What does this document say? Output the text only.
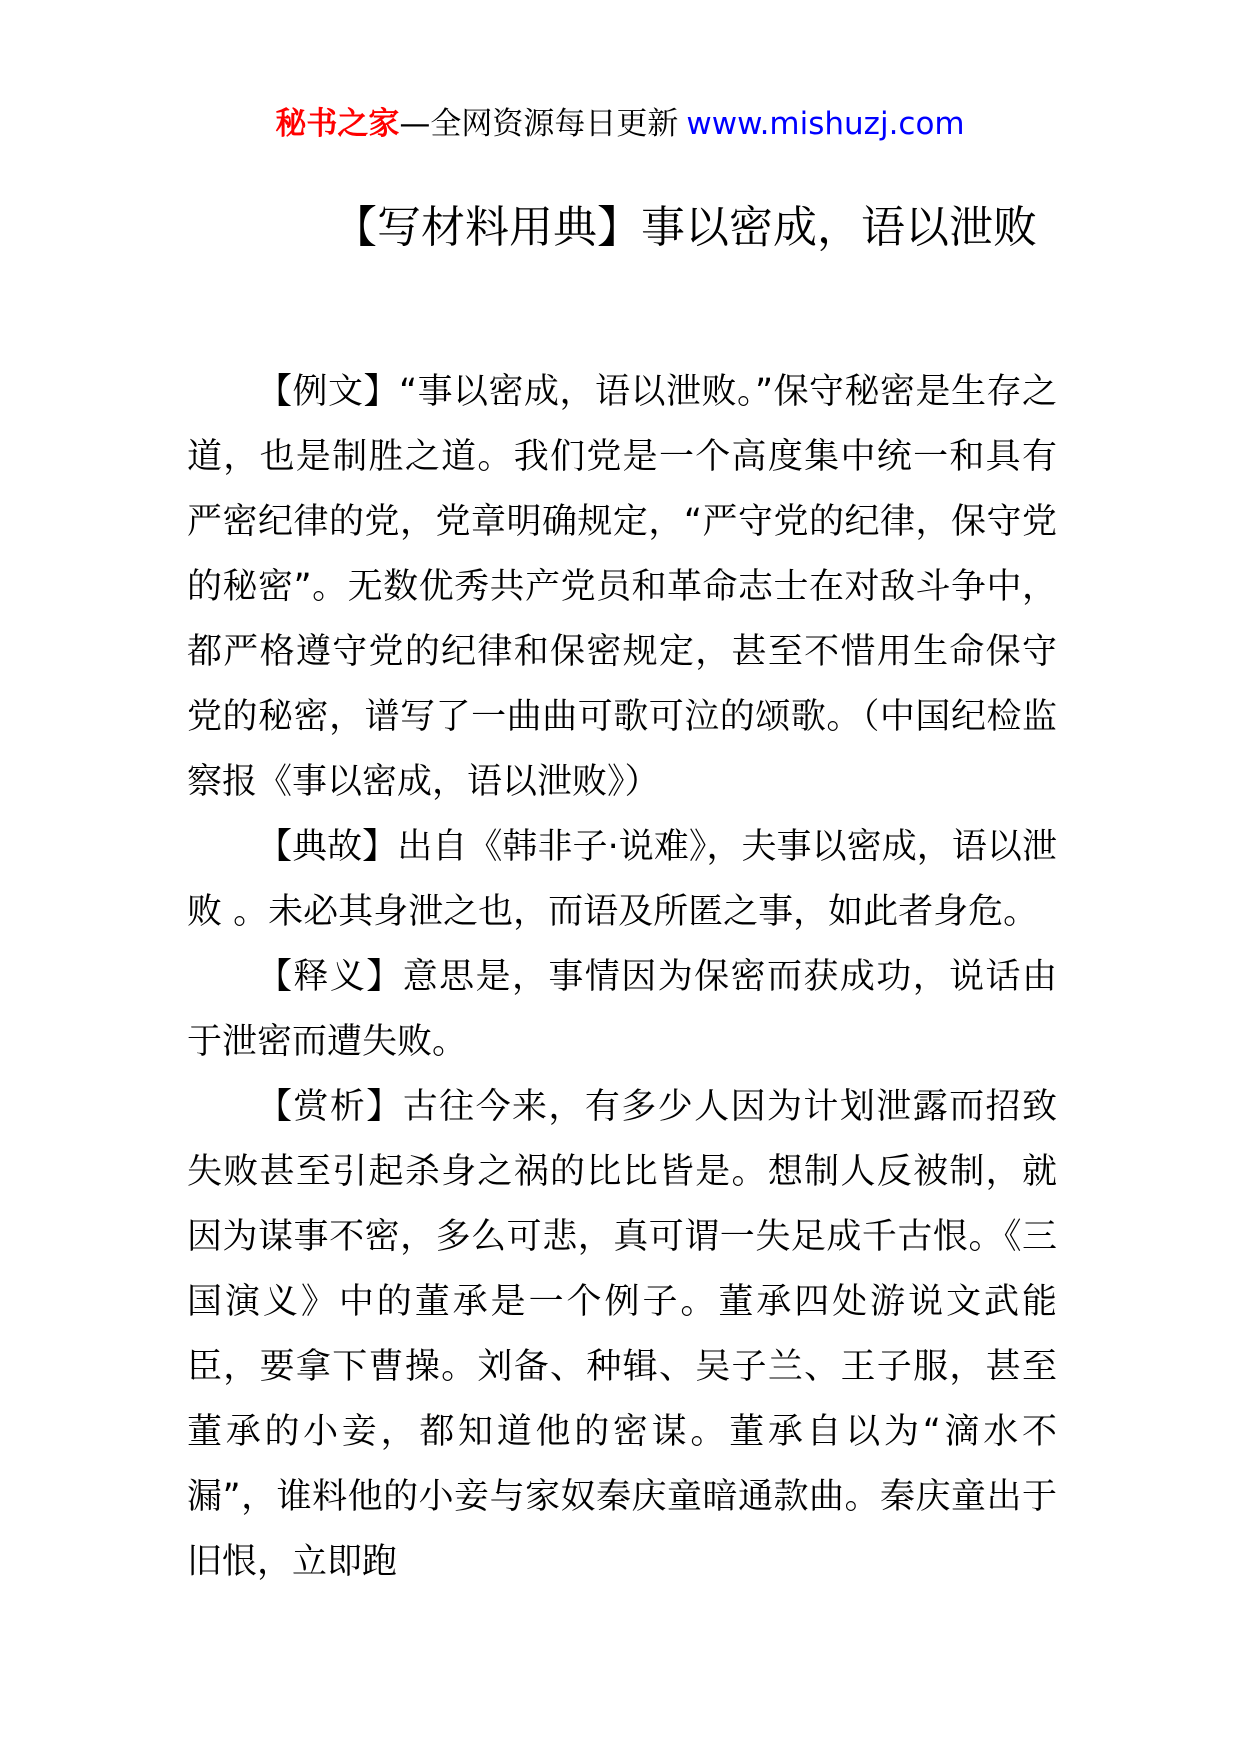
秘书之家—全网资源每日更新 www.mishuzj.com
【写材料用典】事以密成，语以泄败

【例文】“事以密成，语以泄败。”保守秘密是生存之道，也是制胜之道。我们党是一个高度集中统一和具有严密纪律的党，党章明确规定，“严守党的纪律，保守党的秘密”。无数优秀共产党员和革命志士在对敌斗争中，都严格遵守党的纪律和保密规定，甚至不惜用生命保守党的秘密，谱写了一曲曲可歌可泣的颂歌。（中国纪检监察报《事以密成，语以泄败》）

【典故】出自《韩非子·说难》，夫事以密成，语以泄败 。未必其身泄之也，而语及所匿之事，如此者身危。

【释义】意思是，事情因为保密而获成功，说话由于泄密而遭失败。

【赏析】古往今来，有多少人因为计划泄露而招致失败甚至引起杀身之祸的比比皆是。想制人反被制，就因为谋事不密，多么可悲，真可谓一失足成千古恨。《三国演义》中的董承是一个例子。董承四处游说文武能臣，要拿下曹操。刘备、种辑、吴子兰、王子服，甚至董承的小妾，都知道他的密谋。董承自以为“滴水不漏”，谁料他的小妾与家奴秦庆童暗通款曲。秦庆童出于旧恨，立即跑
